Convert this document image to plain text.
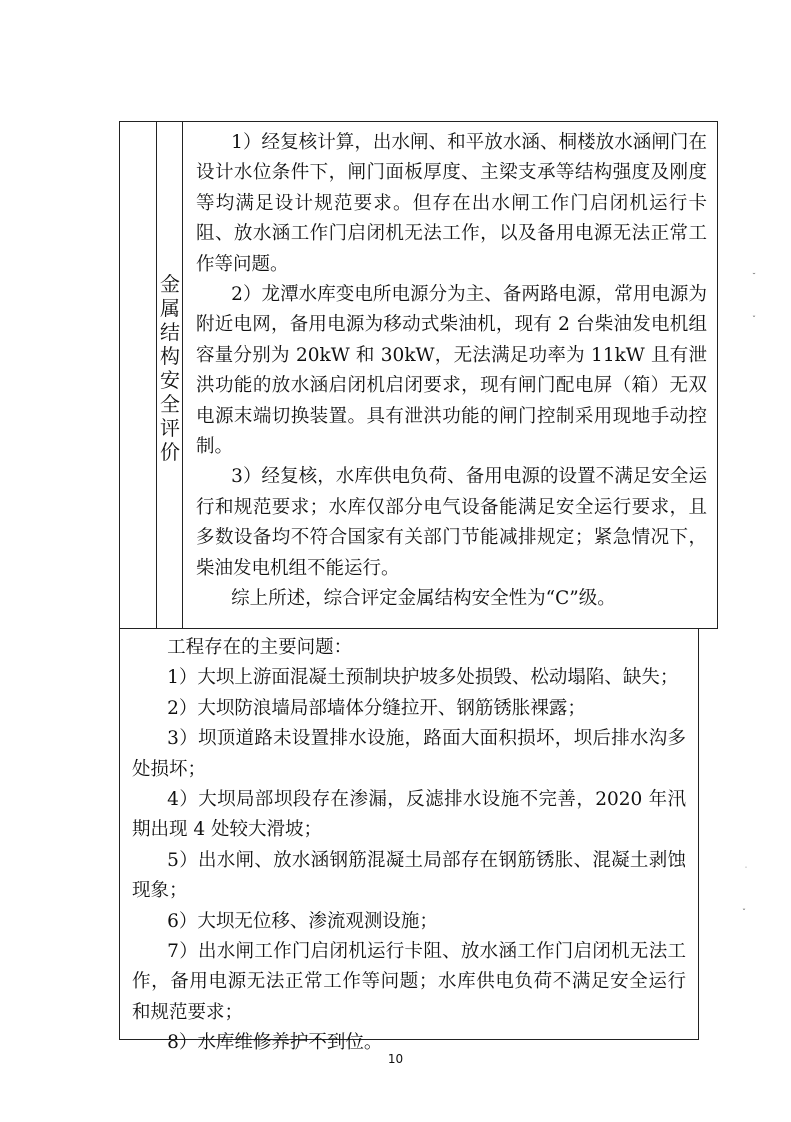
金
属
结
构
安
全
评
价

1）经复核计算，出水闸、和平放水涵、桐楼放水涵闸门在设计水位条件下，闸门面板厚度、主梁支承等结构强度及刚度等均满足设计规范要求。但存在出水闸工作门启闭机运行卡阻、放水涵工作门启闭机无法工作，以及备用电源无法正常工作等问题。

2）龙潭水库变电所电源分为主、备两路电源，常用电源为附近电网，备用电源为移动式柴油机，现有 2 台柴油发电机组容量分别为 20kW 和 30kW，无法满足功率为 11kW 且有泄洪功能的放水涵启闭机启闭要求，现有闸门配电屏（箱）无双电源末端切换装置。具有泄洪功能的闸门控制采用现地手动控制。

3）经复核，水库供电负荷、备用电源的设置不满足安全运行和规范要求；水库仅部分电气设备能满足安全运行要求，且多数设备均不符合国家有关部门节能减排规定；紧急情况下，柴油发电机组不能运行。

综上所述，综合评定金属结构安全性为“C”级。

工程存在的主要问题：

1）大坝上游面混凝土预制块护坡多处损毁、松动塌陷、缺失；

2）大坝防浪墙局部墙体分缝拉开、钢筋锈胀裸露；

3）坝顶道路未设置排水设施，路面大面积损坏，坝后排水沟多处损坏；

4）大坝局部坝段存在渗漏，反滤排水设施不完善，2020 年汛期出现 4 处较大滑坡；

5）出水闸、放水涵钢筋混凝土局部存在钢筋锈胀、混凝土剥蚀现象；

6）大坝无位移、渗流观测设施；

7）出水闸工作门启闭机运行卡阻、放水涵工作门启闭机无法工作，备用电源无法正常工作等问题；水库供电负荷不满足安全运行和规范要求；

8）水库维修养护不到位。

10
˘
ˇ
˙
ˇ
